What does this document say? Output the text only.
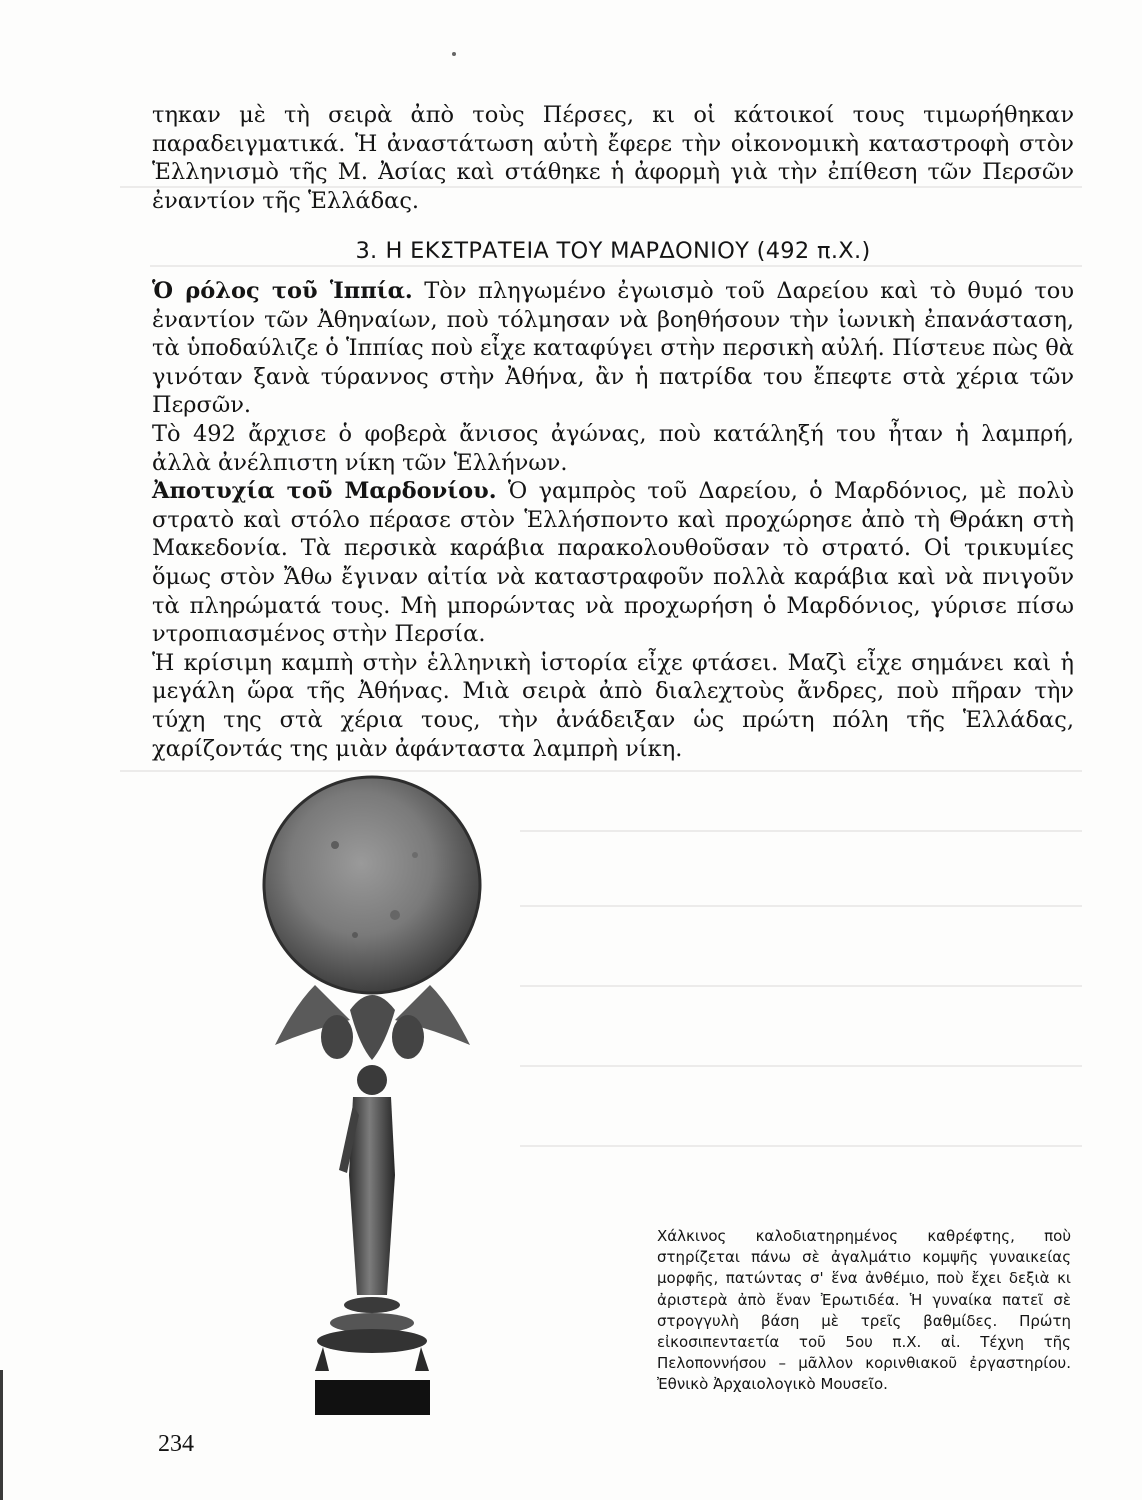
τηκαν μὲ τὴ σειρὰ ἀπὸ τοὺς Πέρσες, κι οἱ κάτοικοί τους τιμωρήθηκαν παραδειγματικά. Ἡ ἀναστάτωση αὐτὴ ἔφερε τὴν οἰκονομικὴ καταστροφὴ στὸν Ἑλληνισμὸ τῆς Μ. Ἀσίας καὶ στάθηκε ἡ ἀφορμὴ γιὰ τὴν ἐπίθεση τῶν Περσῶν ἐναντίον τῆς Ἑλλάδας.

3. Η ΕΚΣΤΡΑΤΕΙΑ ΤΟΥ ΜΑΡΔΟΝΙΟΥ (492 π.Χ.)

Ὁ ρόλος τοῦ Ἱππία. Τὸν πληγωμένο ἐγωισμὸ τοῦ Δαρείου καὶ τὸ θυμό του ἐναντίον τῶν Ἀθηναίων, ποὺ τόλμησαν νὰ βοηθήσουν τὴν ἰωνικὴ ἐπανάσταση, τὰ ὑποδαύλιζε ὁ Ἱππίας ποὺ εἶχε καταφύγει στὴν περσικὴ αὐλή. Πίστευε πὼς θὰ γινόταν ξανὰ τύραννος στὴν Ἀθήνα, ἂν ἡ πατρίδα του ἔπεφτε στὰ χέρια τῶν Περσῶν.

Τὸ 492 ἄρχισε ὁ φοβερὰ ἄνισος ἀγώνας, ποὺ κατάληξή του ἦταν ἡ λαμπρή, ἀλλὰ ἀνέλπιστη νίκη τῶν Ἑλλήνων.

Ἀποτυχία τοῦ Μαρδονίου. Ὁ γαμπρὸς τοῦ Δαρείου, ὁ Μαρδόνιος, μὲ πολὺ στρατὸ καὶ στόλο πέρασε στὸν Ἑλλήσποντο καὶ προχώρησε ἀπὸ τὴ Θράκη στὴ Μακεδονία. Τὰ περσικὰ καράβια παρακολουθοῦσαν τὸ στρατό. Οἱ τρικυμίες ὅμως στὸν Ἄθω ἔγιναν αἰτία νὰ καταστραφοῦν πολλὰ καράβια καὶ νὰ πνιγοῦν τὰ πληρώματά τους. Μὴ μπορώντας νὰ προχωρήση ὁ Μαρδόνιος, γύρισε πίσω ντροπιασμένος στὴν Περσία.

Ἡ κρίσιμη καμπὴ στὴν ἑλληνικὴ ἱστορία εἶχε φτάσει. Μαζὶ εἶχε σημάνει καὶ ἡ μεγάλη ὥρα τῆς Ἀθήνας. Μιὰ σειρὰ ἀπὸ διαλεχτοὺς ἄνδρες, ποὺ πῆραν τὴν τύχη της στὰ χέρια τους, τὴν ἀνάδειξαν ὡς πρώτη πόλη τῆς Ἑλλάδας, χαρίζοντάς της μιὰν ἀφάνταστα λαμπρὴ νίκη.

Χάλκινος καλοδιατηρημένος καθρέφτης, ποὺ στηρίζεται πάνω σὲ ἀγαλμάτιο κομψῆς γυναικείας μορφῆς, πατώντας σ' ἕνα ἀνθέμιο, ποὺ ἔχει δεξιὰ κι ἀριστερὰ ἀπὸ ἕναν Ἐρωτιδέα. Ἡ γυναίκα πατεῖ σὲ στρογγυλὴ βάση μὲ τρεῖς βαθμίδες. Πρώτη εἰκοσιπενταετία τοῦ 5ου π.Χ. αἰ. Τέχνη τῆς Πελοποννήσου – μᾶλλον κορινθιακοῦ ἐργαστηρίου. Ἐθνικὸ Ἀρχαιολογικὸ Μουσεῖο.
234
